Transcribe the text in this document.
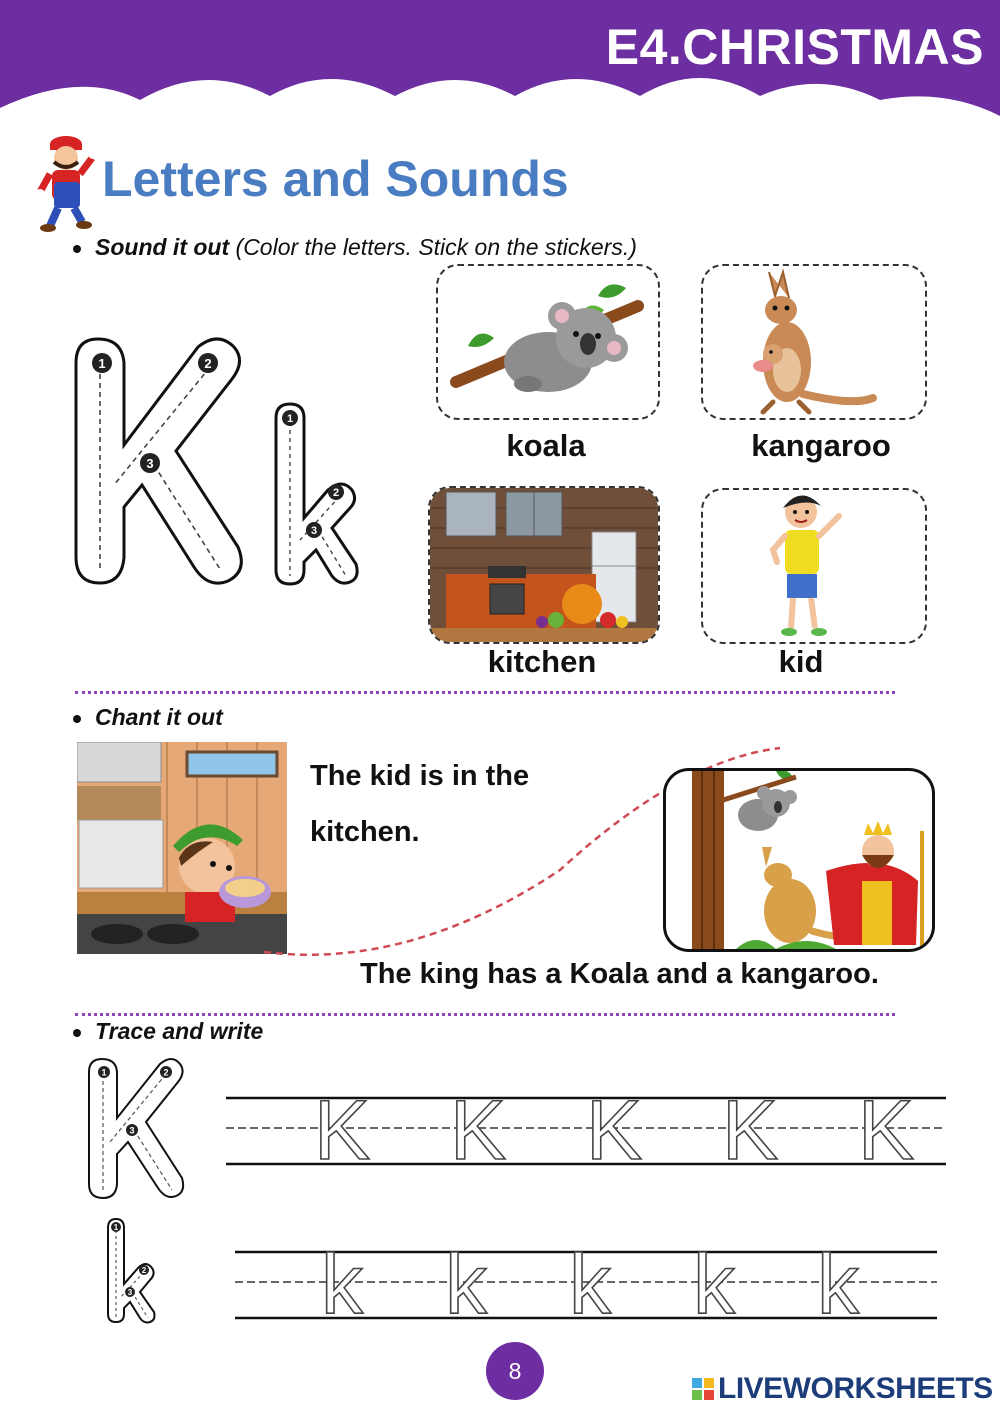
E4.CHRISTMAS
Letters and Sounds
Sound it out (Color the letters. Stick on the stickers.)
1	2
3
1
2
3
koala	kangaroo
kitchen	kid
Chant it out
The kid is in the
kitchen.
The king has a Koala and a kangaroo.
Trace and write
1	2
3
1
2
3
K K K K K
k k k k k
8
LIVEWORKSHEETS
